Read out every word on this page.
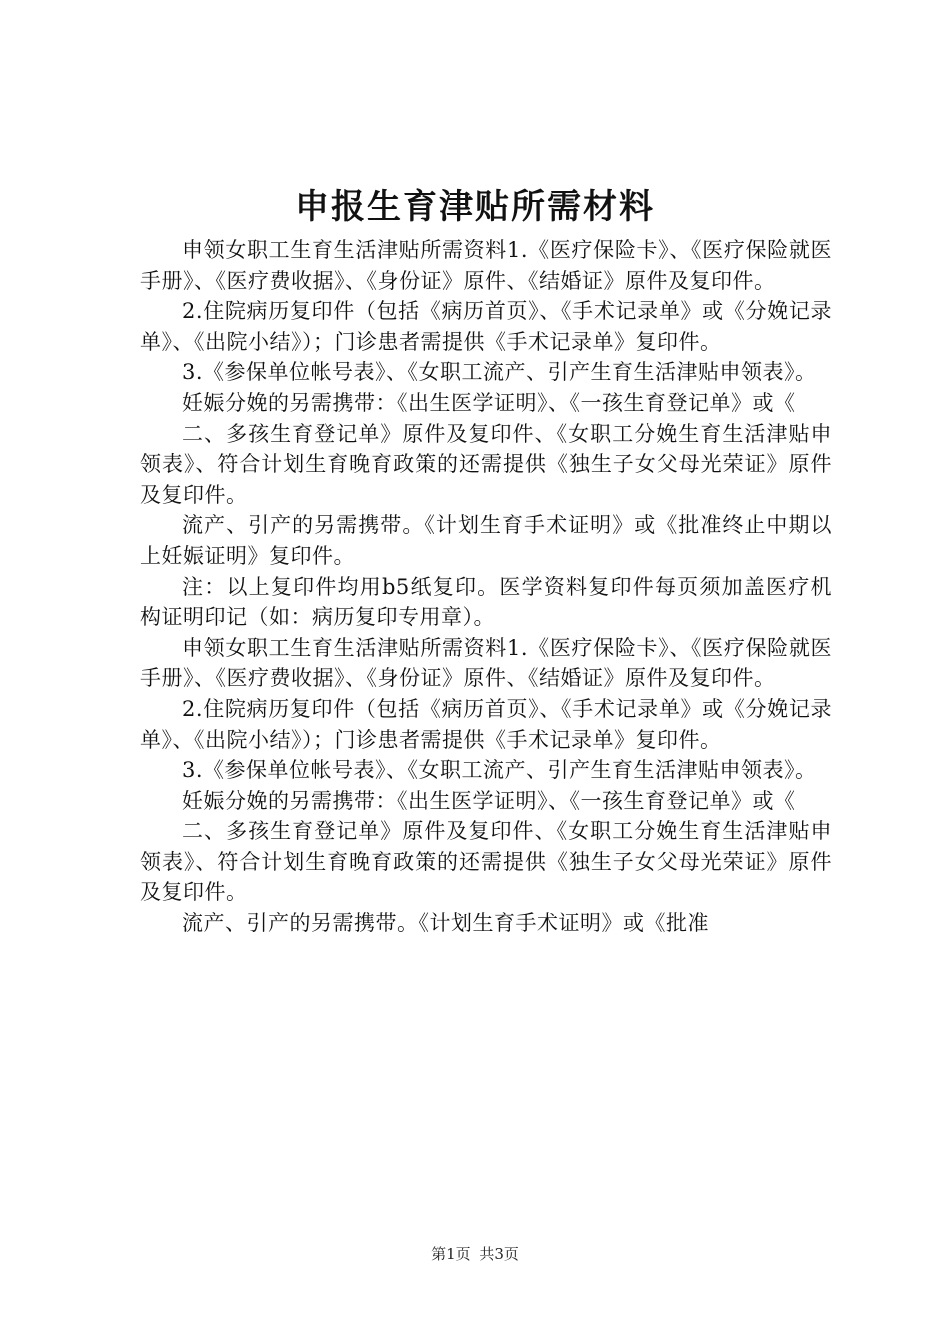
申报生育津贴所需材料

申领女职工生育生活津贴所需资料1.《医疗保险卡》、《医疗保险就医手册》、《医疗费收据》、《身份证》原件、《结婚证》原件及复印件。

2.住院病历复印件（包括《病历首页》、《手术记录单》或《分娩记录单》、《出院小结》）；门诊患者需提供《手术记录单》复印件。

3.《参保单位帐号表》、《女职工流产、引产生育生活津贴申领表》。

妊娠分娩的另需携带：《出生医学证明》、《一孩生育登记单》或《

二、多孩生育登记单》原件及复印件、《女职工分娩生育生活津贴申领表》、符合计划生育晚育政策的还需提供《独生子女父母光荣证》原件及复印件。

流产、引产的另需携带。《计划生育手术证明》或《批准终止中期以上妊娠证明》复印件。

注：以上复印件均用b5纸复印。医学资料复印件每页须加盖医疗机构证明印记（如：病历复印专用章）。

申领女职工生育生活津贴所需资料1.《医疗保险卡》、《医疗保险就医手册》、《医疗费收据》、《身份证》原件、《结婚证》原件及复印件。

2.住院病历复印件（包括《病历首页》、《手术记录单》或《分娩记录单》、《出院小结》）；门诊患者需提供《手术记录单》复印件。

3.《参保单位帐号表》、《女职工流产、引产生育生活津贴申领表》。

妊娠分娩的另需携带：《出生医学证明》、《一孩生育登记单》或《

二、多孩生育登记单》原件及复印件、《女职工分娩生育生活津贴申领表》、符合计划生育晚育政策的还需提供《独生子女父母光荣证》原件及复印件。

流产、引产的另需携带。《计划生育手术证明》或《批准

第1页 共3页
